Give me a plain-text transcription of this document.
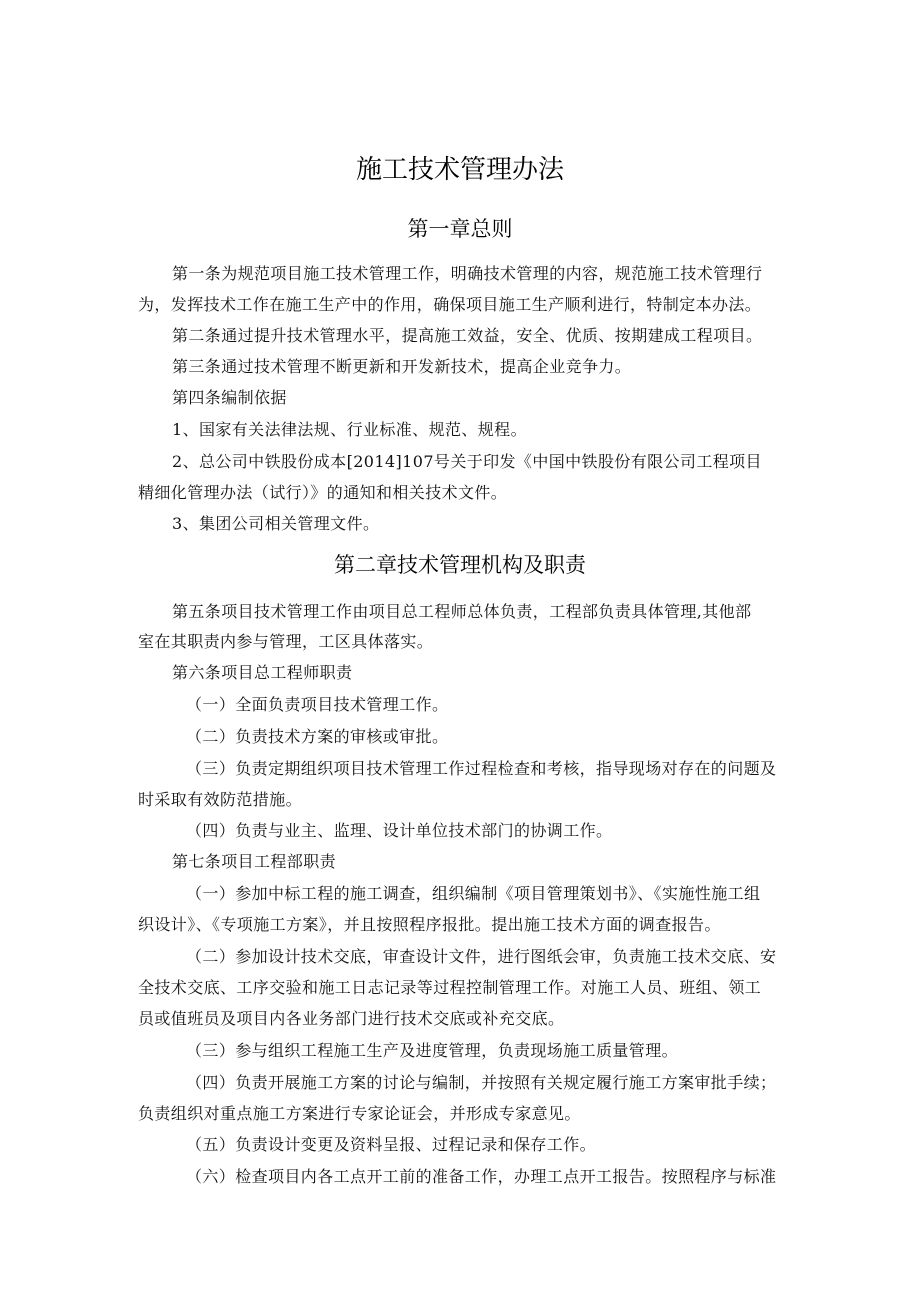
施工技术管理办法
第一章总则
第一条为规范项目施工技术管理工作，明确技术管理的内容，规范施工技术管理行
为，发挥技术工作在施工生产中的作用，确保项目施工生产顺利进行，特制定本办法。
第二条通过提升技术管理水平，提高施工效益，安全、优质、按期建成工程项目。
第三条通过技术管理不断更新和开发新技术，提高企业竞争力。
第四条编制依据
1、国家有关法律法规、行业标准、规范、规程。
2、总公司中铁股份成本[2014]107号关于印发《中国中铁股份有限公司工程项目
精细化管理办法（试行）》的通知和相关技术文件。
3、集团公司相关管理文件。
第二章技术管理机构及职责
第五条项目技术管理工作由项目总工程师总体负责，工程部负责具体管理,其他部
室在其职责内参与管理，工区具体落实。
第六条项目总工程师职责
（一）全面负责项目技术管理工作。
（二）负责技术方案的审核或审批。
（三）负责定期组织项目技术管理工作过程检查和考核，指导现场对存在的问题及
时采取有效防范措施。
（四）负责与业主、监理、设计单位技术部门的协调工作。
第七条项目工程部职责
（一）参加中标工程的施工调查，组织编制《项目管理策划书》、《实施性施工组
织设计》、《专项施工方案》，并且按照程序报批。提出施工技术方面的调查报告。
（二）参加设计技术交底，审查设计文件，进行图纸会审，负责施工技术交底、安
全技术交底、工序交验和施工日志记录等过程控制管理工作。对施工人员、班组、领工
员或值班员及项目内各业务部门进行技术交底或补充交底。
（三）参与组织工程施工生产及进度管理，负责现场施工质量管理。
（四）负责开展施工方案的讨论与编制，并按照有关规定履行施工方案审批手续；
负责组织对重点施工方案进行专家论证会，并形成专家意见。
（五）负责设计变更及资料呈报、过程记录和保存工作。
（六）检查项目内各工点开工前的准备工作，办理工点开工报告。按照程序与标准
